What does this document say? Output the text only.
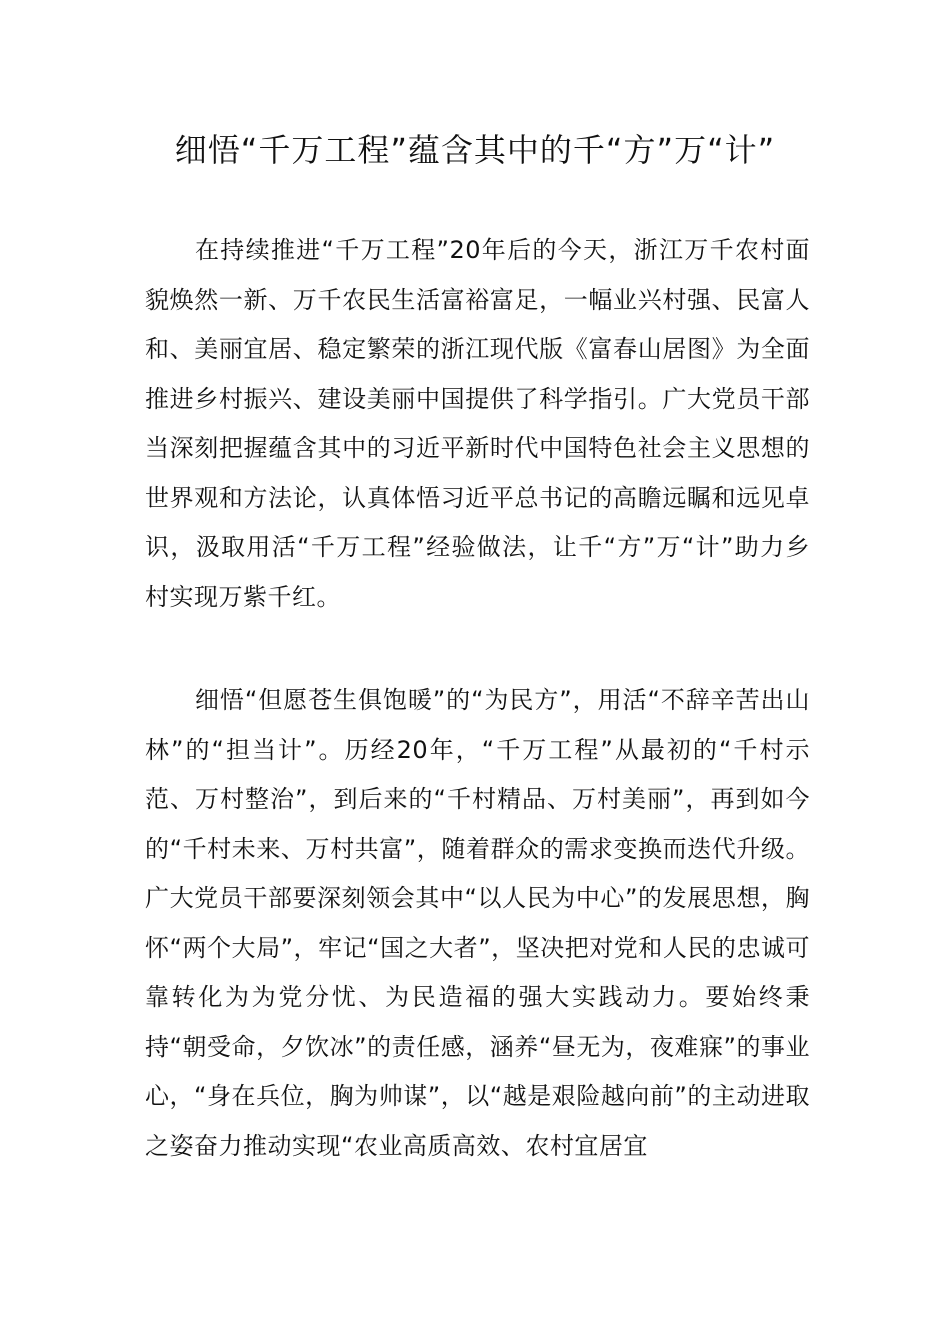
细悟“千万工程”蕴含其中的千“方”万“计”

在持续推进“千万工程”20年后的今天，浙江万千农村面貌焕然一新、万千农民生活富裕富足，一幅业兴村强、民富人和、美丽宜居、稳定繁荣的浙江现代版《富春山居图》为全面推进乡村振兴、建设美丽中国提供了科学指引。广大党员干部当深刻把握蕴含其中的习近平新时代中国特色社会主义思想的世界观和方法论，认真体悟习近平总书记的高瞻远瞩和远见卓识，汲取用活“千万工程”经验做法，让千“方”万“计”助力乡村实现万紫千红。

细悟“但愿苍生俱饱暖”的“为民方”，用活“不辞辛苦出山林”的“担当计”。历经20年，“千万工程”从最初的“千村示范、万村整治”，到后来的“千村精品、万村美丽”，再到如今的“千村未来、万村共富”，随着群众的需求变换而迭代升级。广大党员干部要深刻领会其中“以人民为中心”的发展思想，胸怀“两个大局”，牢记“国之大者”，坚决把对党和人民的忠诚可靠转化为为党分忧、为民造福的强大实践动力。要始终秉持“朝受命，夕饮冰”的责任感，涵养“昼无为，夜难寐”的事业心，“身在兵位，胸为帅谋”，以“越是艰险越向前”的主动进取之姿奋力推动实现“农业高质高效、农村宜居宜
